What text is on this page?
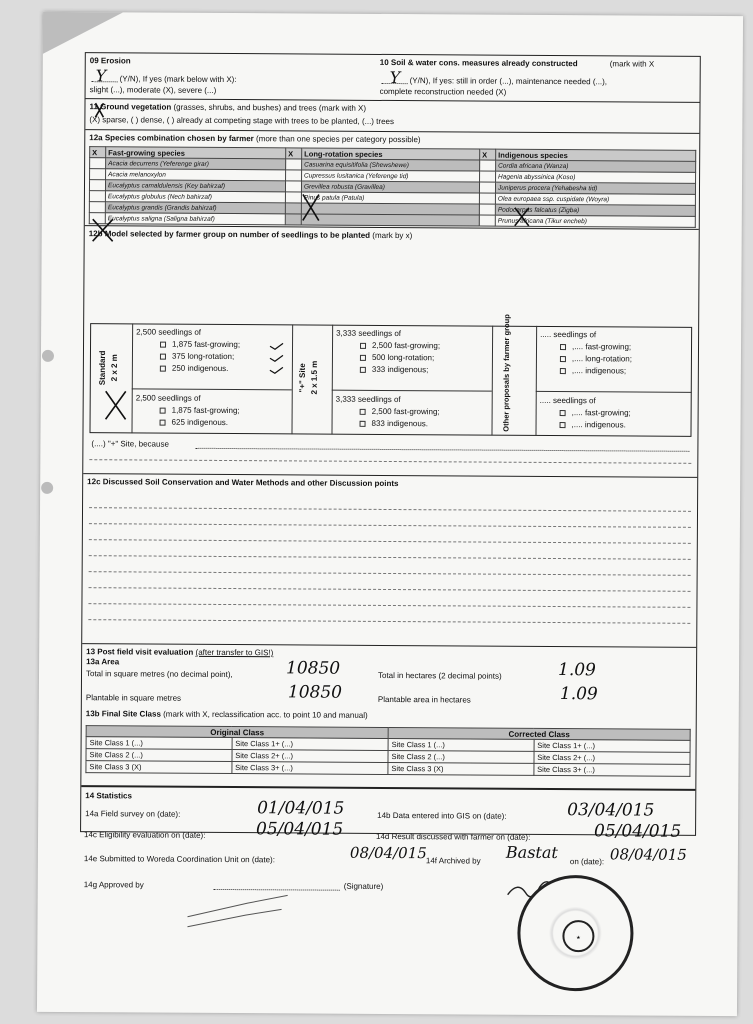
09 Erosion
Y (Y/N), If yes (mark below with X):
slight (...), moderate (X), severe (...)
10 Soil & water cons. measures already constructed	(mark with X
Y (Y/N), If yes: still in order (...), maintenance needed (...),
complete reconstruction needed (X)
11 Ground vegetation (grasses, shrubs, and bushes) and trees (mark with X)
(X) sparse, ( ) dense, ( ) already at competing stage with trees to be planted, (...) trees
12a Species combination chosen by farmer (more than one species per category possible)
X	Fast-growing species	X	Long-rotation species	X	Indigenous species
	Acacia decurrens (Yeferenge girar)		Casuarina equisitifolia (Shewshewe)		Cordia africana (Wanza)
	Acacia melanoxylon		Cupressus lusitanica (Yeferenge tid)		Hagenia abyssinica (Koso)
	Eucalyptus camaldulensis (Key bahirzaf)		Grevillea robusta (Gravillea)		Juniperus procera (Yehabesha tid)
	Eucalyptus globulus (Nech bahirzaf)		Pinus patula (Patula)		Olea europaea ssp. cuspidate (Woyra)
	Eucalyptus grandis (Grandis bahirzaf)				Podocarpus falcatus (Zigba)
	Eucalyptus saligna (Saligna bahirzaf)				Prunus africana (Tikur encheb)
12b Model selected by farmer group on number of seedlings to be planted (mark by x)
Standard 2 x 2 m	"+" Site 2 x 1.5 m	Other proposals by farmer group
2,500 seedlings of
1,875 fast-growing;
375 long-rotation;
250 indigenous.
2,500 seedlings of
1,875 fast-growing;
625 indigenous.
3,333 seedlings of
2,500 fast-growing;
500 long-rotation;
333 indigenous;
3,333 seedlings of
2,500 fast-growing;
833 indigenous.
..... seedlings of
,.... fast-growing;
,.... long-rotation;
,.... indigenous;
..... seedlings of
,.... fast-growing;
,.... indigenous.
(....) "+" Site, because
12c Discussed Soil Conservation and Water Methods and other Discussion points
13 Post field visit evaluation (after transfer to GIS!)
13a Area
Total in square metres (no decimal point),	10850	Total in hectares (2 decimal points)	1.09
Plantable in square metres	10850	Plantable area in hectares	1.09
13b Final Site Class (mark with X, reclassification acc. to point 10 and manual)
Original Class		Corrected Class	
Site Class 1 (...)	Site Class 1+ (...)	Site Class 1 (...)	Site Class 1+ (...)
Site Class 2 (...)	Site Class 2+ (...)	Site Class 2 (...)	Site Class 2+ (...)
Site Class 3 (X)	Site Class 3+ (...)	Site Class 3 (X)	Site Class 3+ (...)
14 Statistics
14a Field survey on (date):	01/04/015	14b Data entered into GIS on (date):	03/04/015
14c Eligibility evaluation on (date):	05/04/015	14d Result discussed with farmer on (date):	05/04/015
14e Submitted to Woreda Coordination Unit on (date):	08/04/015
14f Archived by Bastat on (date): 08/04/015
14g Approved by	(Signature)
★
